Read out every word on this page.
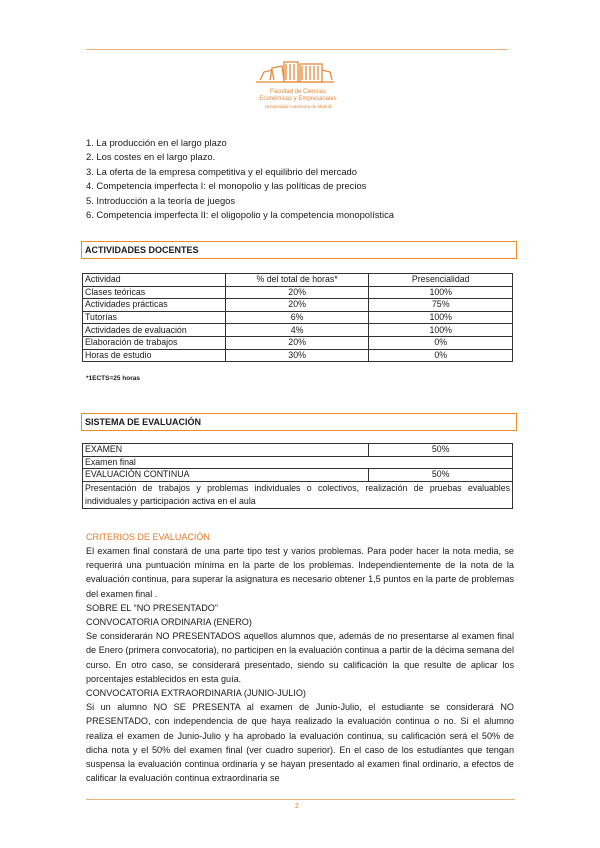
Facultad de Ciencias
Económicas y Empresariales
Universidad Autónoma de Madrid
1. La producción en el largo plazo
2. Los costes en el largo plazo.
3. La oferta de la empresa competitiva y el equilibrio del mercado
4. Competencia imperfecta I: el monopolio y las políticas de precios
5. Introducción a la teoría de juegos
6. Competencia imperfecta II: el oligopolio y la competencia monopolística
ACTIVIDADES DOCENTES
Actividad	% del total de horas*	Presencialidad
Clases teóricas	20%	100%
Actividades prácticas	20%	75%
Tutorías	6%	100%
Actividades de evaluación	4%	100%
Elaboración de trabajos	20%	0%
Horas de estudio	30%	0%
*1ECTS=25 horas
SISTEMA DE EVALUACIÓN
EXAMEN	50%
Examen final	
EVALUACIÓN CONTINUA	50%
Presentación de trabajos y problemas individuales o colectivos, realización de pruebas evaluables individuales y participación activa en el aula	
CRITERIOS DE EVALUACIÓN

El examen final constará de una parte tipo test y varios problemas. Para poder hacer la nota media, se requerirá una puntuación mínima en la parte de los problemas. Independientemente de la nota de la evaluación continua, para superar la asignatura es necesario obtener 1,5 puntos en la parte de problemas del examen final .

SOBRE EL “NO PRESENTADO”

CONVOCATORIA ORDINARIA (ENERO)

Se considerarán NO PRESENTADOS aquellos alumnos que, además de no presentarse al examen final de Enero (primera convocatoria), no participen en la evaluación continua a partir de la décima semana del curso. En otro caso, se considerará presentado, siendo su calificación la que resulte de aplicar los porcentajes establecidos en esta guía.

CONVOCATORIA EXTRAORDINARIA (JUNIO-JULIO)

Si un alumno NO SE PRESENTA al examen de Junio-Julio, el estudiante se considerará NO PRESENTADO, con independencia de que haya realizado la evaluación continua o no. Si el alumno realiza el examen de Junio-Julio y ha aprobado la evaluación continua, su calificación será el 50% de dicha nota y el 50% del examen final (ver cuadro superior). En el caso de los estudiantes que tengan suspensa la evaluación continua ordinaria y se hayan presentado al examen final ordinario, a efectos de calificar la evaluación continua extraordinaria se

2
